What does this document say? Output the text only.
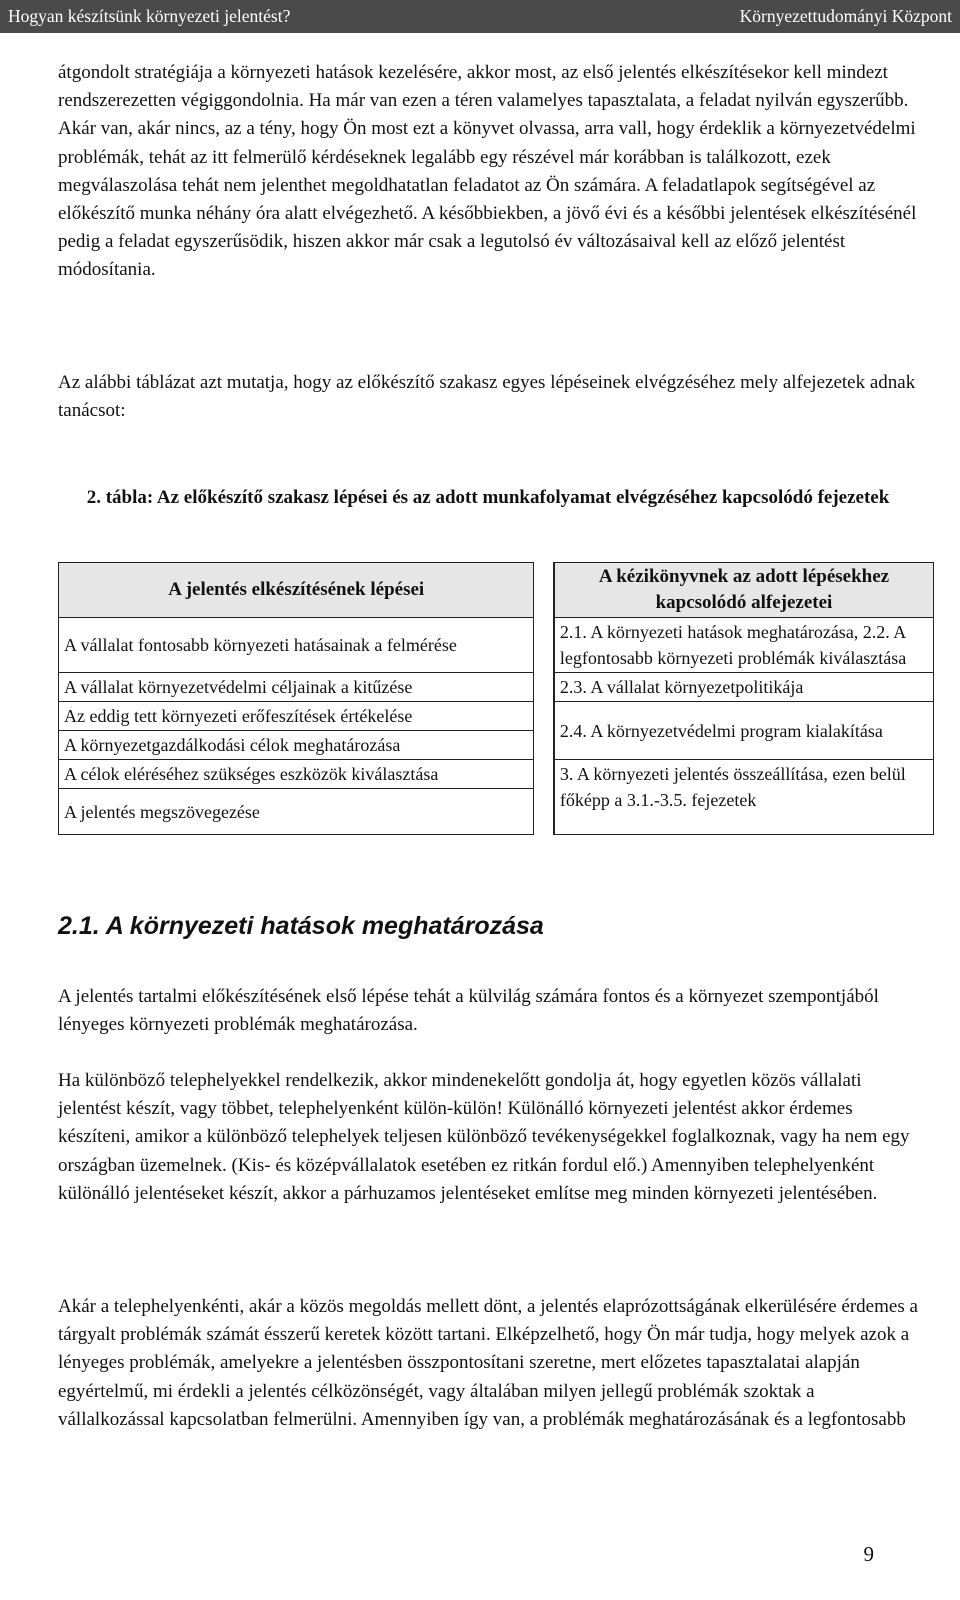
Hogyan készítsünk környezeti jelentést?	Környezettudományi Központ

átgondolt stratégiája a környezeti hatások kezelésére, akkor most, az első jelentés elkészítésekor kell mindezt rendszerezetten végiggondolnia. Ha már van ezen a téren valamelyes tapasztalata, a feladat nyilván egyszerűbb. Akár van, akár nincs, az a tény, hogy Ön most ezt a könyvet olvassa, arra vall, hogy érdeklik a környezetvédelmi problémák, tehát az itt felmerülő kérdéseknek legalább egy részével már korábban is találkozott, ezek megválaszolása tehát nem jelenthet megoldhatatlan feladatot az Ön számára. A feladatlapok segítségével az előkészítő munka néhány óra alatt elvégezhető. A későbbiekben, a jövő évi és a későbbi jelentések elkészítésénél pedig a feladat egyszerűsödik, hiszen akkor már csak a legutolsó év változásaival kell az előző jelentést módosítania.

Az alábbi táblázat azt mutatja, hogy az előkészítő szakasz egyes lépéseinek elvégzéséhez mely alfejezetek adnak tanácsot:

2. tábla: Az előkészítő szakasz lépései és az adott munkafolyamat elvégzéséhez kapcsolódó fejezetek

A jelentés elkészítésének lépései		A kézikönyvnek az adott lépésekhez kapcsolódó alfejezetei
A vállalat fontosabb környezeti hatásainak a felmérése		2.1. A környezeti hatások meghatározása, 2.2. A legfontosabb környezeti problémák kiválasztása
A vállalat környezetvédelmi céljainak a kitűzése		2.3. A vállalat környezetpolitikája
Az eddig tett környezeti erőfeszítések értékelése		2.4. A környezetvédelmi program kialakítása
A környezetgazdálkodási célok meghatározása		
A célok eléréséhez szükséges eszközök kiválasztása		3. A környezeti jelentés összeállítása, ezen belül főképp a 3.1.-3.5. fejezetek
A jelentés megszövegezése		
2.1. A környezeti hatások meghatározása

A jelentés tartalmi előkészítésének első lépése tehát a külvilág számára fontos és a környezet szempontjából lényeges környezeti problémák meghatározása.

Ha különböző telephelyekkel rendelkezik, akkor mindenekelőtt gondolja át, hogy egyetlen közös vállalati jelentést készít, vagy többet, telephelyenként külön-külön! Különálló környezeti jelentést akkor érdemes készíteni, amikor a különböző telephelyek teljesen különböző tevékenységekkel foglalkoznak, vagy ha nem egy országban üzemelnek. (Kis- és középvállalatok esetében ez ritkán fordul elő.) Amennyiben telephelyenként különálló jelentéseket készít, akkor a párhuzamos jelentéseket említse meg minden környezeti jelentésében.

Akár a telephelyenkénti, akár a közös megoldás mellett dönt, a jelentés elaprózottságának elkerülésére érdemes a tárgyalt problémák számát ésszerű keretek között tartani. Elképzelhető, hogy Ön már tudja, hogy melyek azok a lényeges problémák, amelyekre a jelentésben összpontosítani szeretne, mert előzetes tapasztalatai alapján egyértelmű, mi érdekli a jelentés célközönségét, vagy általában milyen jellegű problémák szoktak a vállalkozással kapcsolatban felmerülni. Amennyiben így van, a problémák meghatározásának és a legfontosabb

9
